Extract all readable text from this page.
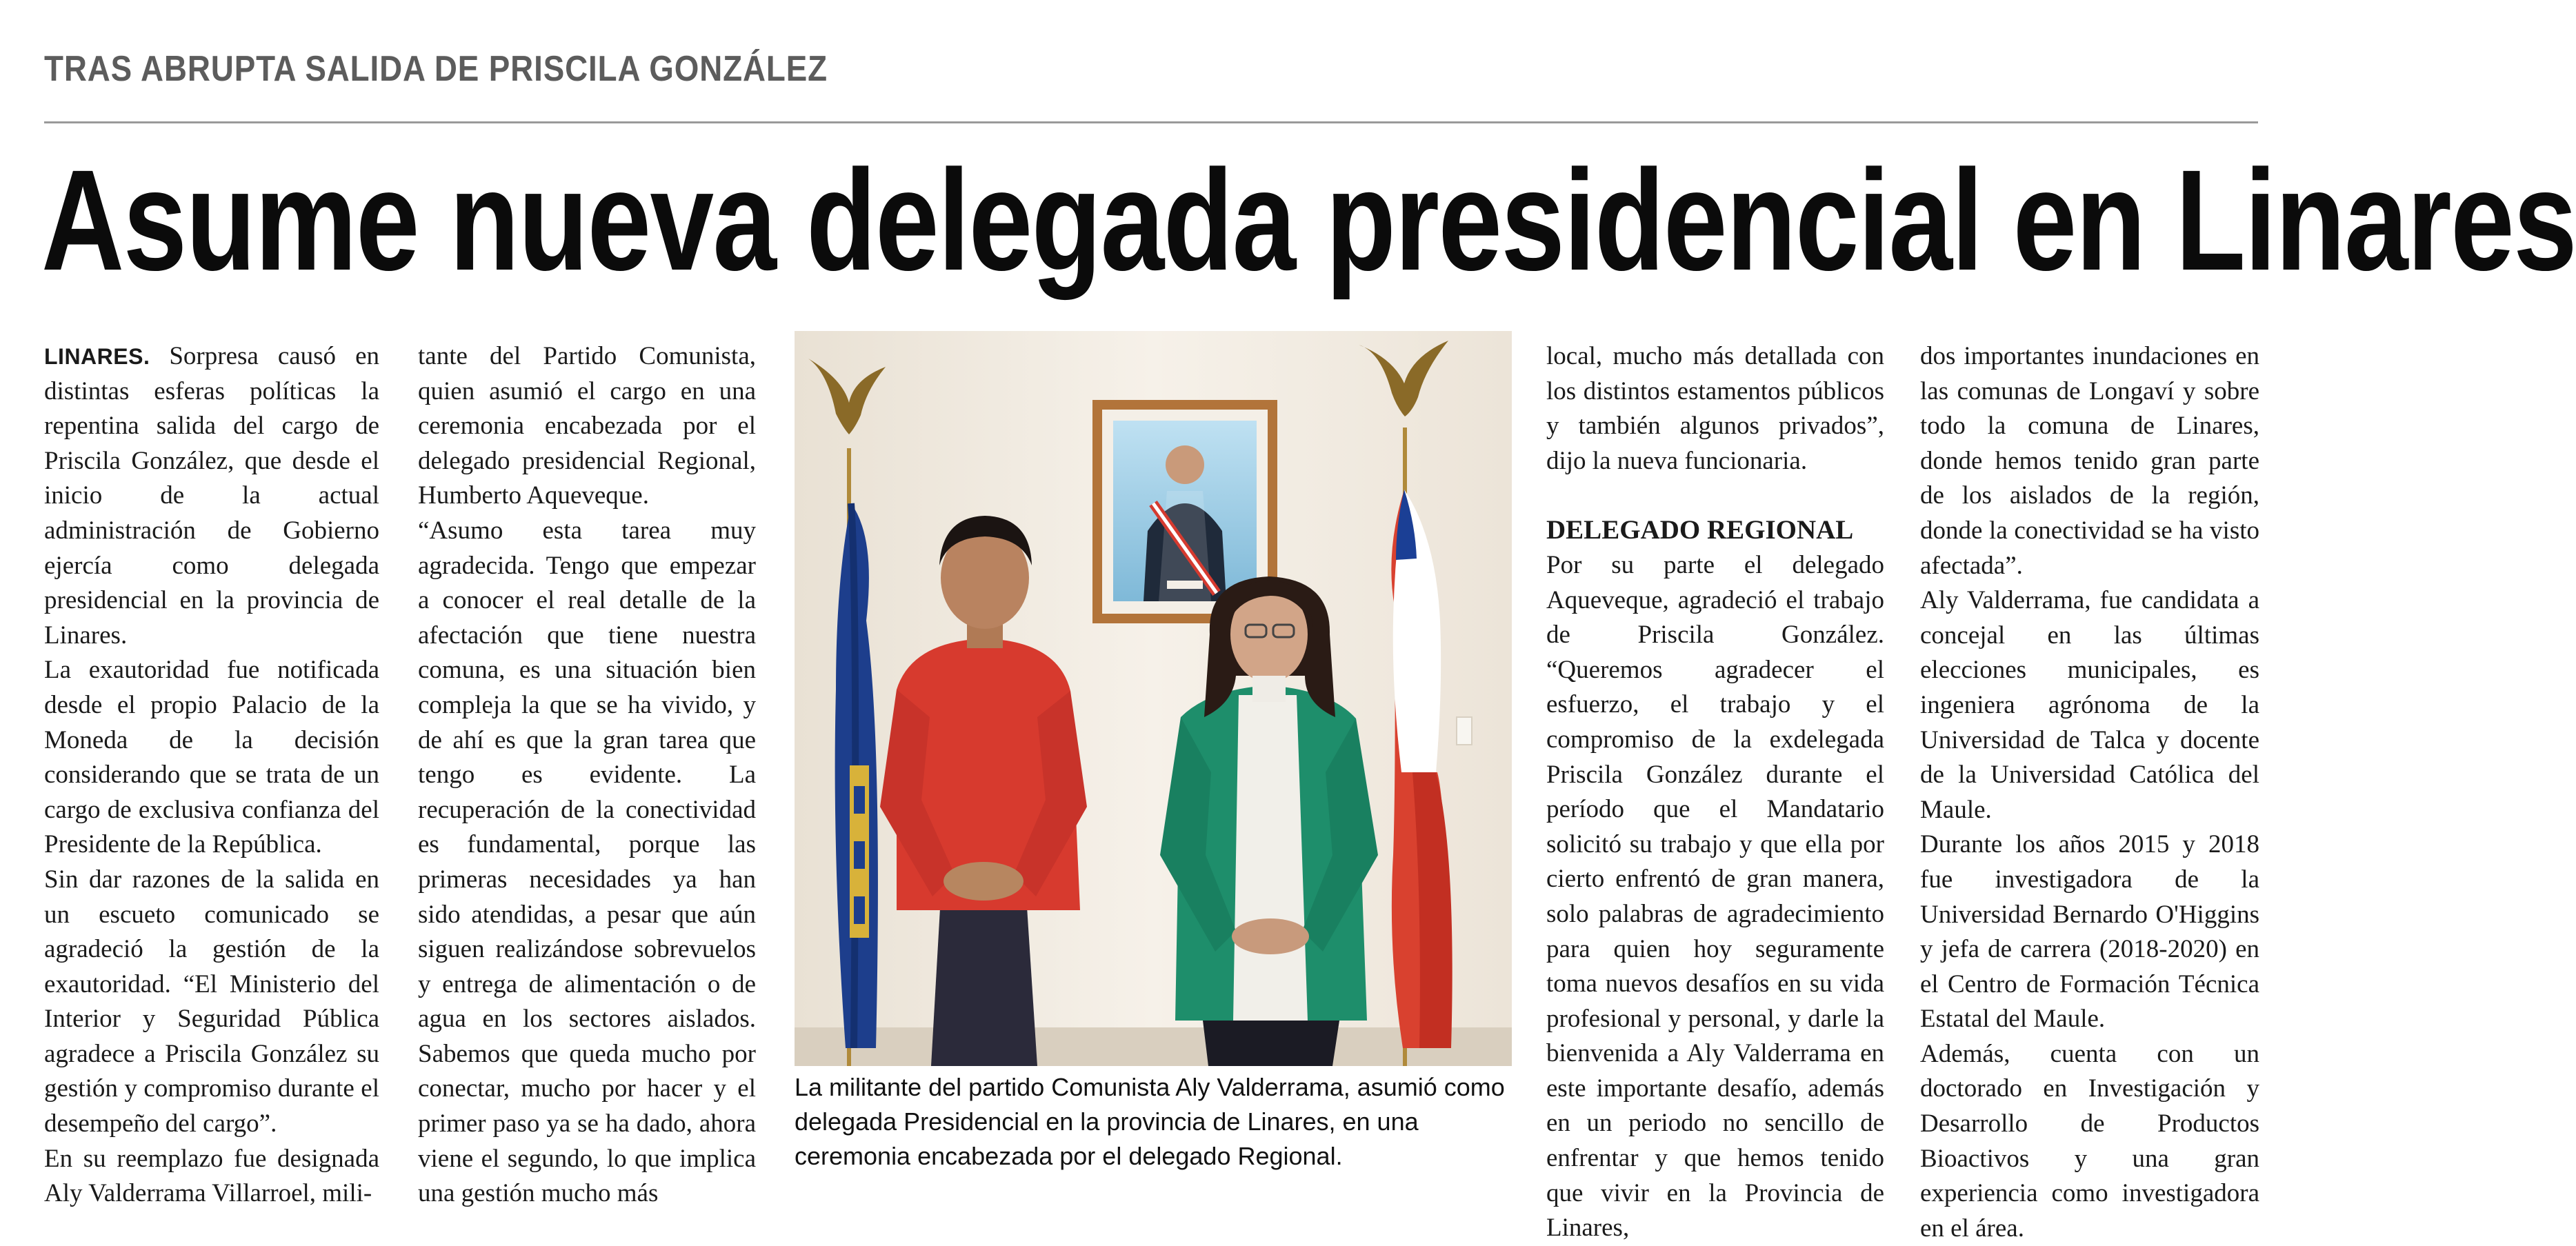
TRAS ABRUPTA SALIDA DE PRISCILA GONZÁLEZ
Asume nueva delegada presidencial en Linares

LINARES. Sorpresa causó en distintas esferas políticas la repentina salida del cargo de Priscila González, que desde el inicio de la actual administración de Gobierno ejercía como delegada presidencial en la provincia de Linares.

La exautoridad fue notificada desde el propio Palacio de la Moneda de la decisión considerando que se trata de un cargo de exclusiva confianza del Presidente de la República.

Sin dar razones de la salida en un escueto comunicado se agradeció la gestión de la exautoridad. “El Ministerio del Interior y Seguridad Pública agradece a Priscila González su gestión y compromiso durante el desempeño del cargo”.

En su reemplazo fue designada Aly Valderrama Villarroel, mili-

tante del Partido Comunista, quien asumió el cargo en una ceremonia encabezada por el delegado presidencial Regional, Humberto Aqueveque.

“Asumo esta tarea muy agradecida. Tengo que empezar a conocer el real detalle de la afectación que tiene nuestra comuna, es una situación bien compleja la que se ha vivido, y de ahí es que la gran tarea que tengo es evidente. La recuperación de la conectividad es fundamental, porque las primeras necesidades ya han sido atendidas, a pesar que aún siguen realizándose sobrevuelos y entrega de alimentación o de agua en los sectores aislados. Sabemos que queda mucho por conectar, mucho por hacer y el primer paso ya se ha dado, ahora viene el segundo, lo que implica una gestión mucho más

La militante del partido Comunista Aly Valderrama, asumió como delegada Presidencial en la provincia de Linares, en una ceremonia encabezada por el delegado Regional.

local, mucho más detallada con los distintos estamentos públicos y también algunos privados”, dijo la nueva funcionaria.

DELEGADO REGIONAL

Por su parte el delegado Aqueveque, agradeció el trabajo de Priscila González. “Queremos agradecer el esfuerzo, el trabajo y el compromiso de la exdelegada Priscila González durante el período que el Mandatario solicitó su trabajo y que ella por cierto enfrentó de gran manera, solo palabras de agradecimiento para quien hoy seguramente toma nuevos desafíos en su vida profesional y personal, y darle la bienvenida a Aly Valderrama en este importante desafío, además en un periodo no sencillo de enfrentar y que hemos tenido que vivir en la Provincia de Linares,

dos importantes inundaciones en las comunas de Longaví y sobre todo la comuna de Linares, donde hemos tenido gran parte de los aislados de la región, donde la conectividad se ha visto afectada”.

Aly Valderrama, fue candidata a concejal en las últimas elecciones municipales, es ingeniera agrónoma de la Universidad de Talca y docente de la Universidad Católica del Maule.

Durante los años 2015 y 2018 fue investigadora de la Universidad Bernardo O'Higgins y jefa de carrera (2018-2020) en el Centro de Formación Técnica Estatal del Maule.

Además, cuenta con un doctorado en Investigación y Desarrollo de Productos Bioactivos y una gran experiencia como investigadora en el área.
